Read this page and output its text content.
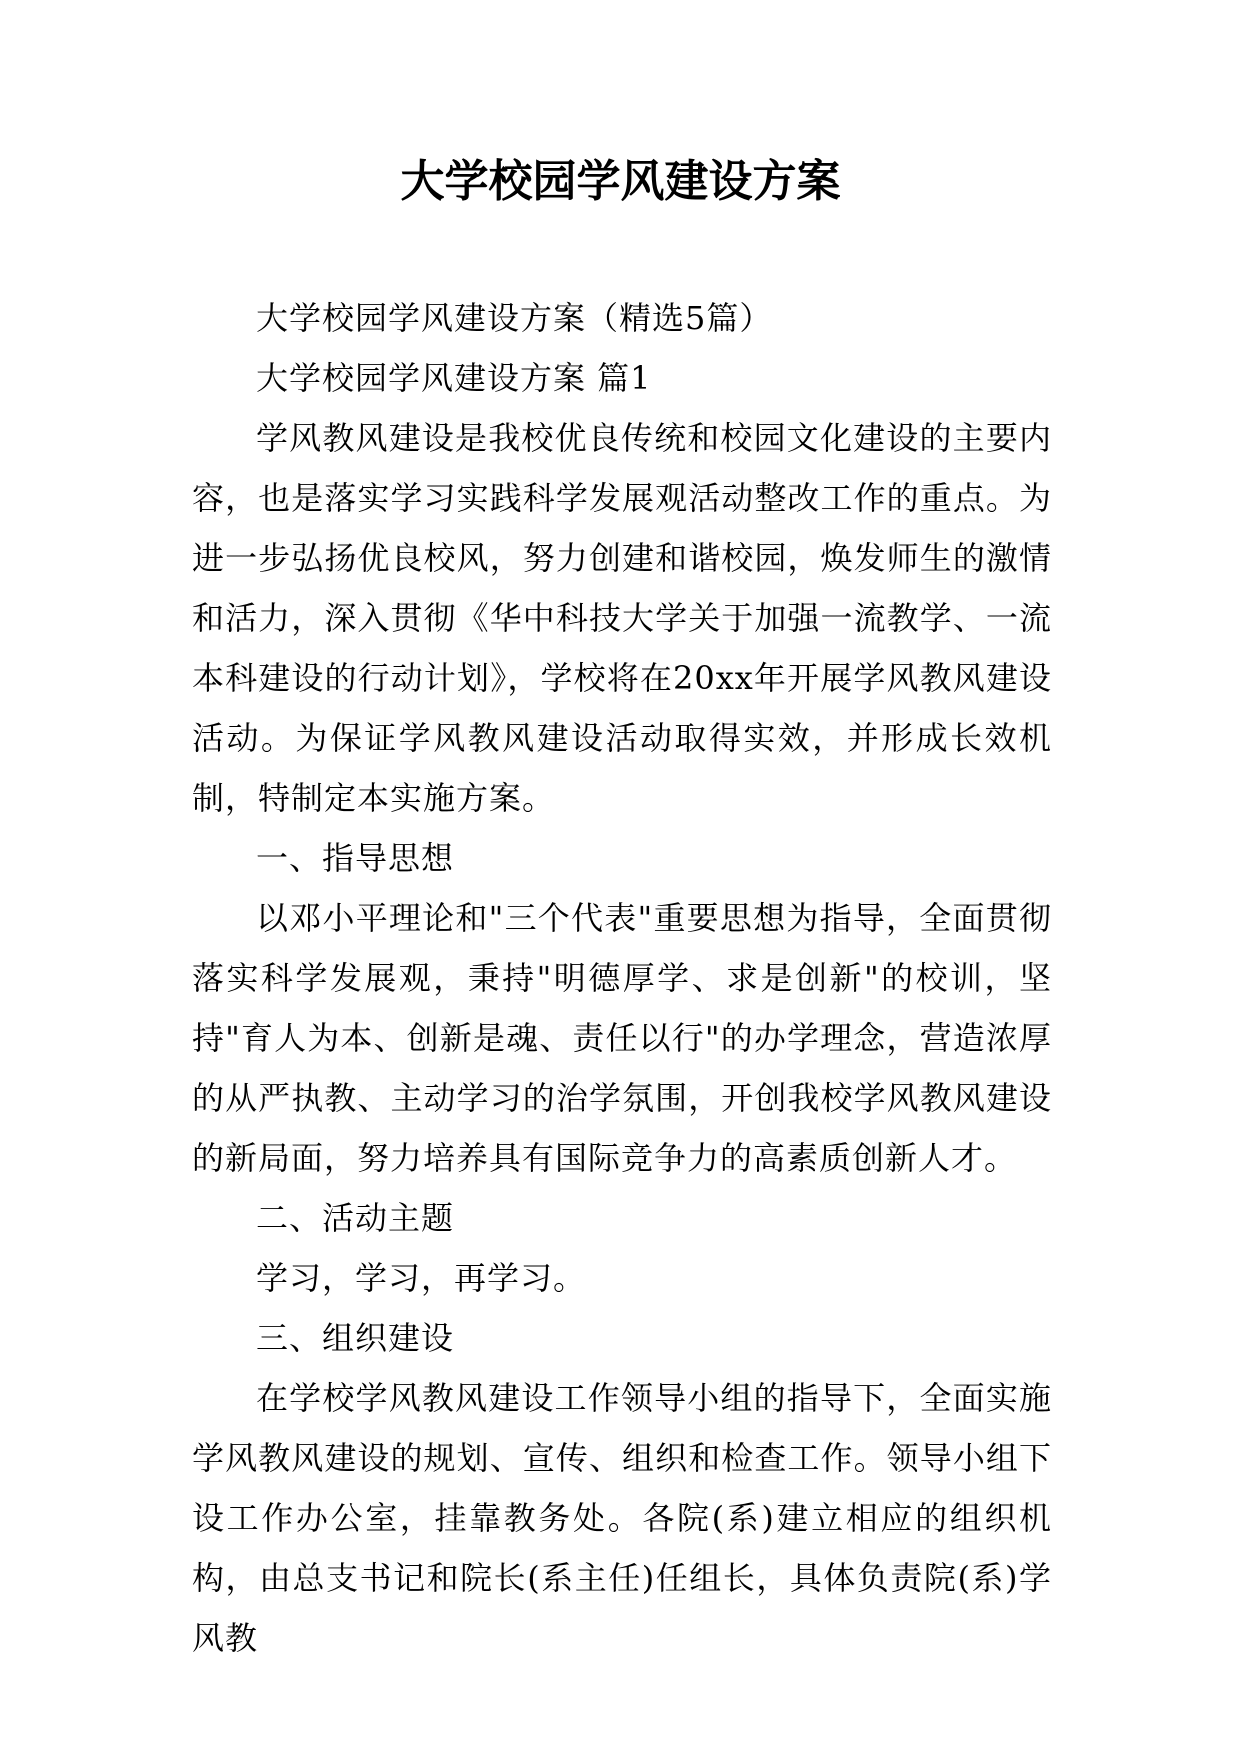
大学校园学风建设方案

大学校园学风建设方案（精选5篇）

大学校园学风建设方案 篇1

学风教风建设是我校优良传统和校园文化建设的主要内容，也是落实学习实践科学发展观活动整改工作的重点。为进一步弘扬优良校风，努力创建和谐校园，焕发师生的激情和活力，深入贯彻《华中科技大学关于加强一流教学、一流本科建设的行动计划》，学校将在20xx年开展学风教风建设活动。为保证学风教风建设活动取得实效，并形成长效机制，特制定本实施方案。

一、指导思想

以邓小平理论和"三个代表"重要思想为指导，全面贯彻落实科学发展观，秉持"明德厚学、求是创新"的校训，坚持"育人为本、创新是魂、责任以行"的办学理念，营造浓厚的从严执教、主动学习的治学氛围，开创我校学风教风建设的新局面，努力培养具有国际竞争力的高素质创新人才。

二、活动主题

学习，学习，再学习。

三、组织建设

在学校学风教风建设工作领导小组的指导下，全面实施学风教风建设的规划、宣传、组织和检查工作。领导小组下设工作办公室，挂靠教务处。各院(系)建立相应的组织机构，由总支书记和院长(系主任)任组长，具体负责院(系)学风教
